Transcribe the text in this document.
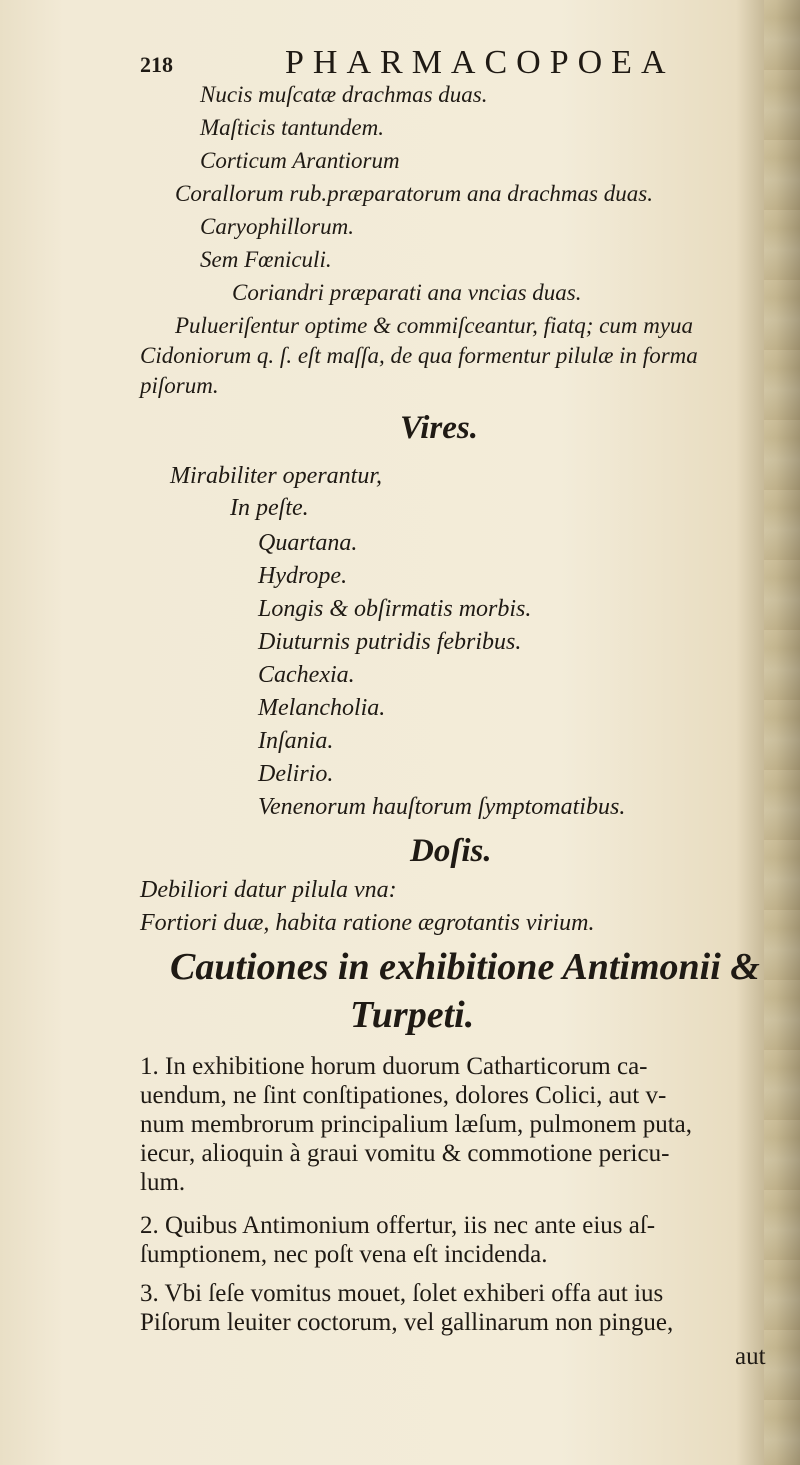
218	PHARMACOPOEA
Nucis muſcatæ drachmas duas.
Maſticis tantundem.
Corticum Arantiorum
Corallorum rub.præparatorum ana drachmas duas.
Caryophillorum.
Sem Fœniculi.
Coriandri præparati ana vncias duas.
Pulueriſentur optime & commiſceantur, fiatq; cum myua
Cidoniorum q. ſ. eſt maſſa, de qua formentur pilulæ in forma
piſorum.
Vires.
Mirabiliter operantur,
In peſte.
Quartana.
Hydrope.
Longis & obſirmatis morbis.
Diuturnis putridis febribus.
Cachexia.
Melancholia.
Inſania.
Delirio.
Venenorum hauſtorum ſymptomatibus.
Doſis.
Debiliori datur pilula vna:
Fortiori duæ, habita ratione ægrotantis virium.
Cautiones in exhibitione Antimonii &
Turpeti.
1. In exhibitione horum duorum Catharticorum ca-
uendum, ne ſint conſtipationes, dolores Colici, aut v-
num membrorum principalium læſum, pulmonem puta,
iecur, alioquin à graui vomitu & commotione pericu-
lum.
2. Quibus Antimonium offertur, iis nec ante eius aſ-
ſumptionem, nec poſt vena eſt incidenda.
3. Vbi ſeſe vomitus mouet, ſolet exhiberi offa aut ius
Piſorum leuiter coctorum, vel gallinarum non pingue,
aut
